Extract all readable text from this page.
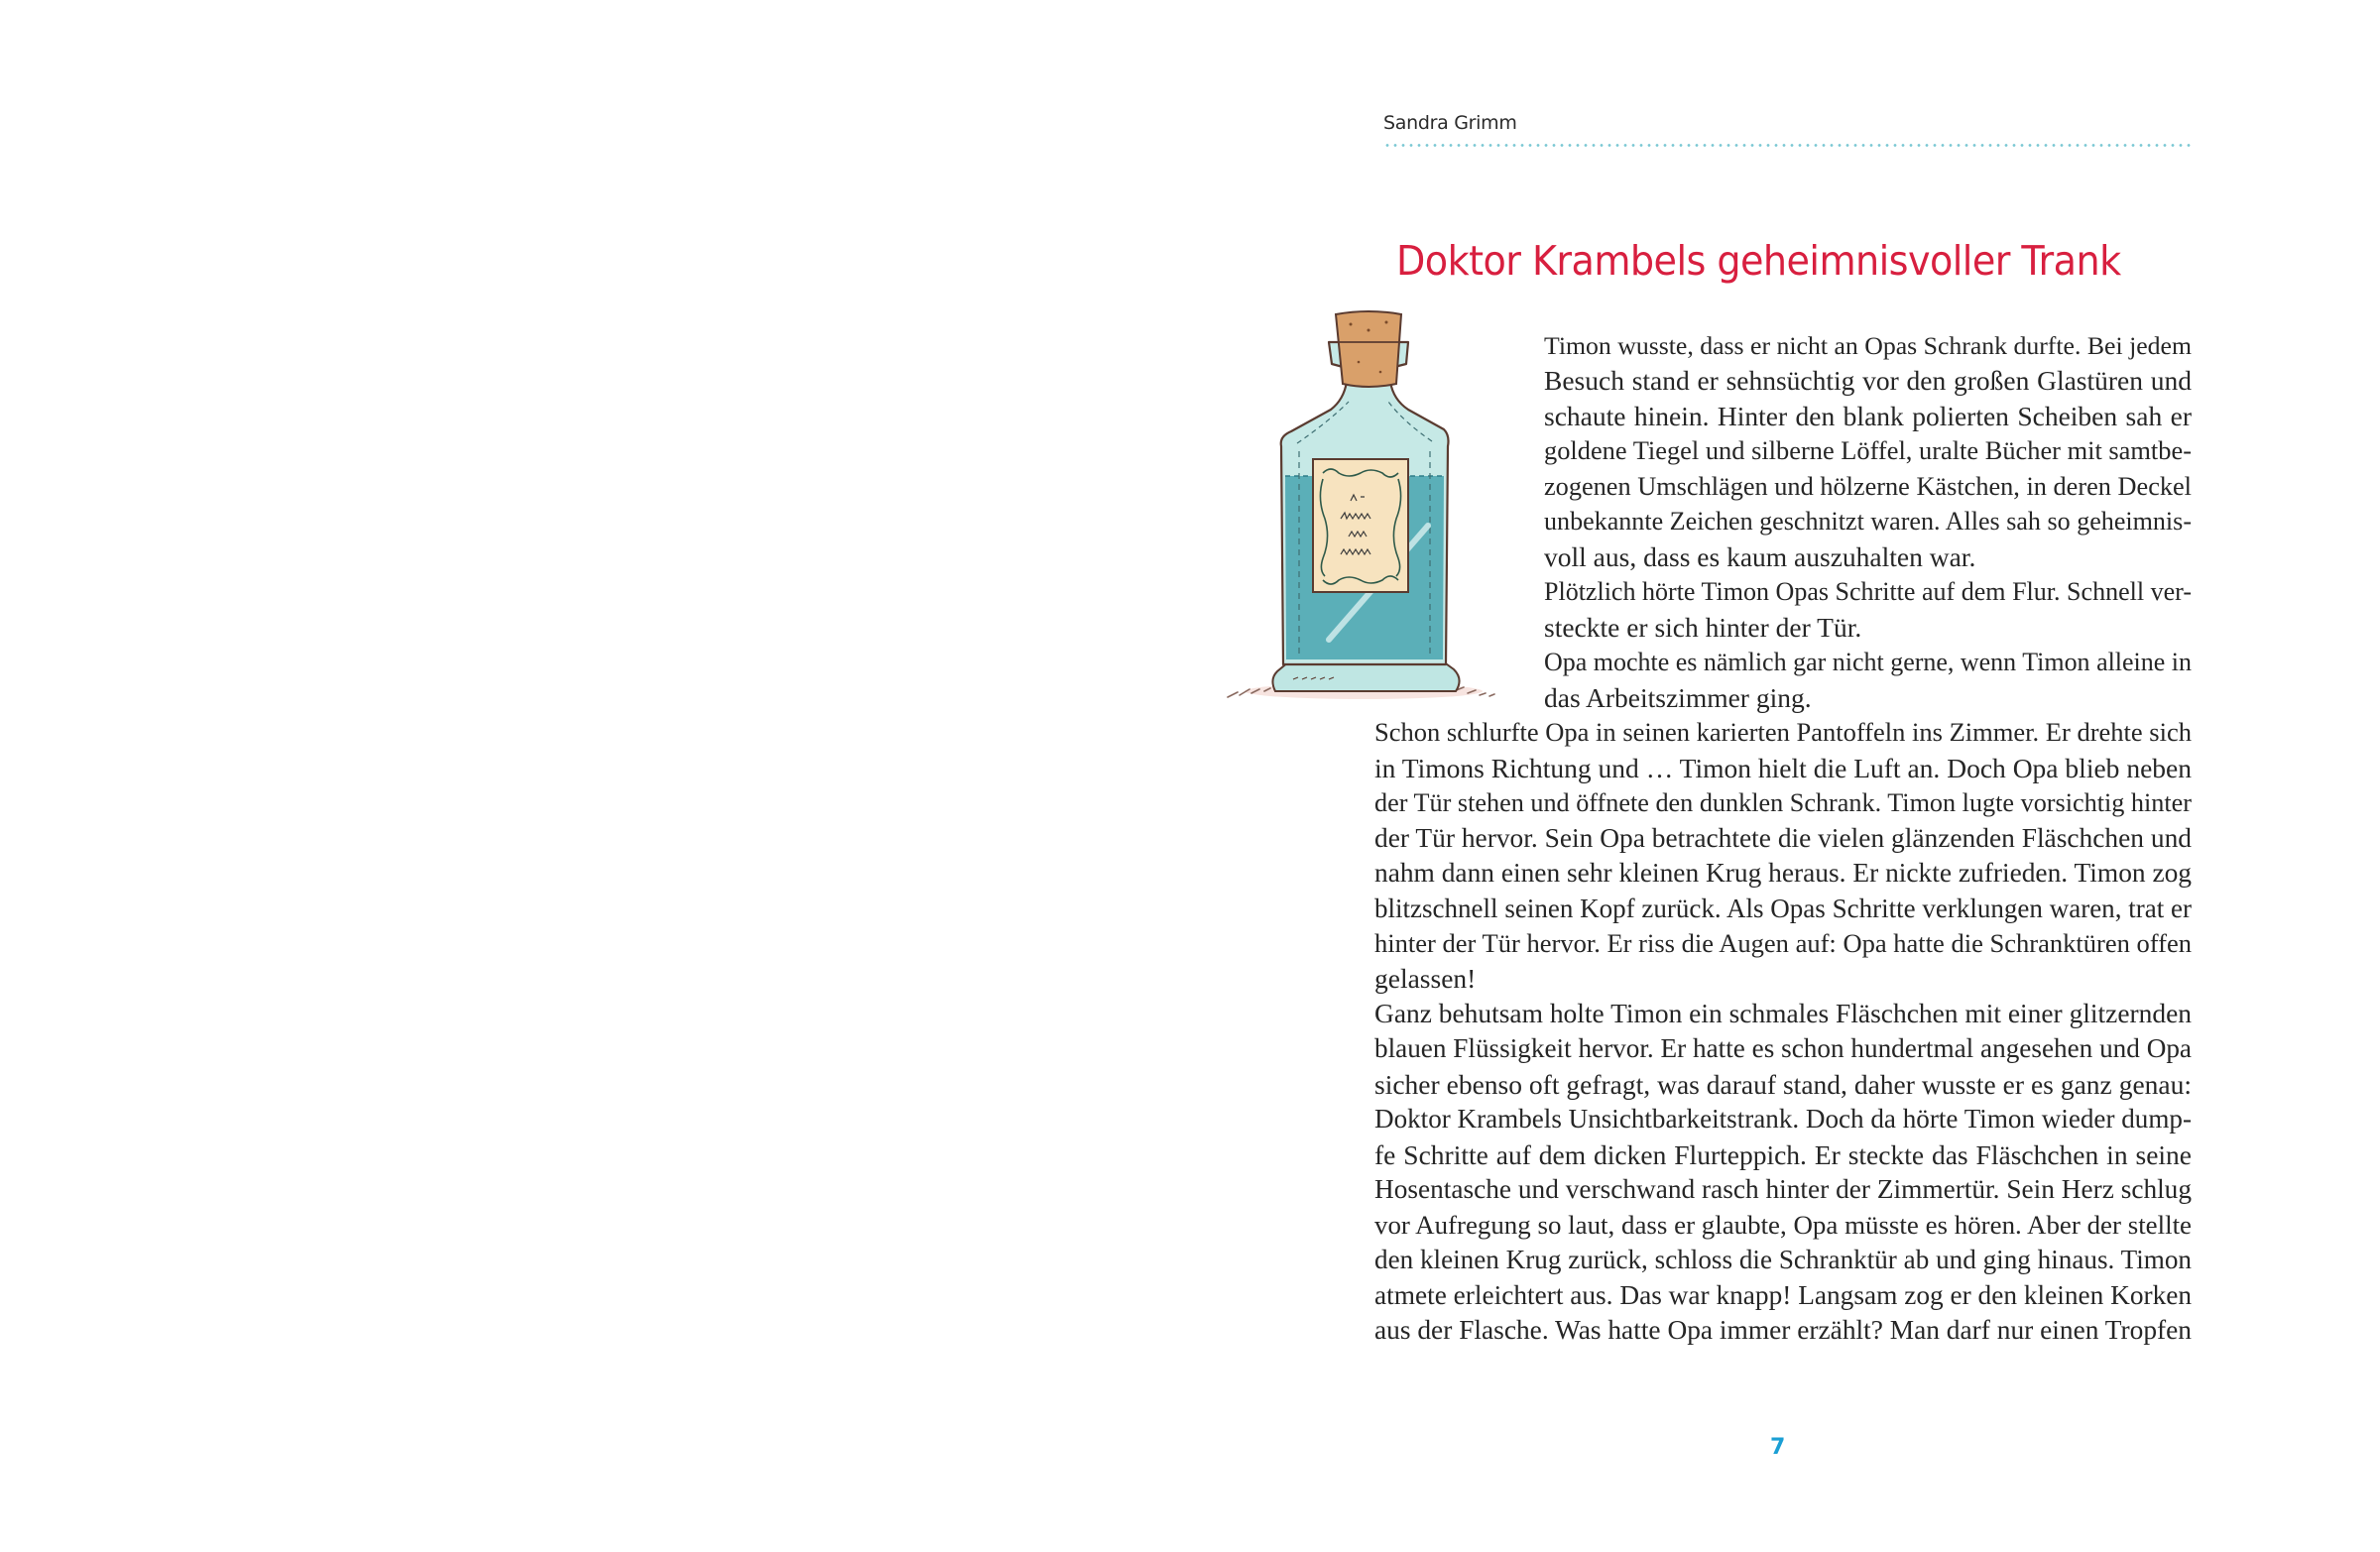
Sandra Grimm
Doktor Krambels geheimnisvoller Trank
Timon wusste, dass er nicht an Opas Schrank durfte. Bei jedem
Besuch stand er sehnsüchtig vor den großen Glastüren und
schaute hinein. Hinter den blank polierten Scheiben sah er
goldene Tiegel und silberne Löffel, uralte Bücher mit samtbe-
zogenen Umschlägen und hölzerne Kästchen, in deren Deckel
unbekannte Zeichen geschnitzt waren. Alles sah so geheimnis-
voll aus, dass es kaum auszuhalten war.
Plötzlich hörte Timon Opas Schritte auf dem Flur. Schnell ver-
steckte er sich hinter der Tür.
Opa mochte es nämlich gar nicht gerne, wenn Timon alleine in
das Arbeitszimmer ging.
Schon schlurfte Opa in seinen karierten Pantoffeln ins Zimmer. Er drehte sich
in Timons Richtung und … Timon hielt die Luft an. Doch Opa blieb neben
der Tür stehen und öffnete den dunklen Schrank. Timon lugte vorsichtig hinter
der Tür hervor. Sein Opa betrachtete die vielen glänzenden Fläschchen und
nahm dann einen sehr kleinen Krug heraus. Er nickte zufrieden. Timon zog
blitzschnell seinen Kopf zurück. Als Opas Schritte verklungen waren, trat er
hinter der Tür hervor. Er riss die Augen auf: Opa hatte die Schranktüren offen
gelassen!
Ganz behutsam holte Timon ein schmales Fläschchen mit einer glitzernden
blauen Flüssigkeit hervor. Er hatte es schon hundertmal angesehen und Opa
sicher ebenso oft gefragt, was darauf stand, daher wusste er es ganz genau:
Doktor Krambels Unsichtbarkeitstrank. Doch da hörte Timon wieder dump-
fe Schritte auf dem dicken Flurteppich. Er steckte das Fläschchen in seine
Hosentasche und verschwand rasch hinter der Zimmertür. Sein Herz schlug
vor Aufregung so laut, dass er glaubte, Opa müsste es hören. Aber der stellte
den kleinen Krug zurück, schloss die Schranktür ab und ging hinaus. Timon
atmete erleichtert aus. Das war knapp! Langsam zog er den kleinen Korken
aus der Flasche. Was hatte Opa immer erzählt? Man darf nur einen Tropfen
7
